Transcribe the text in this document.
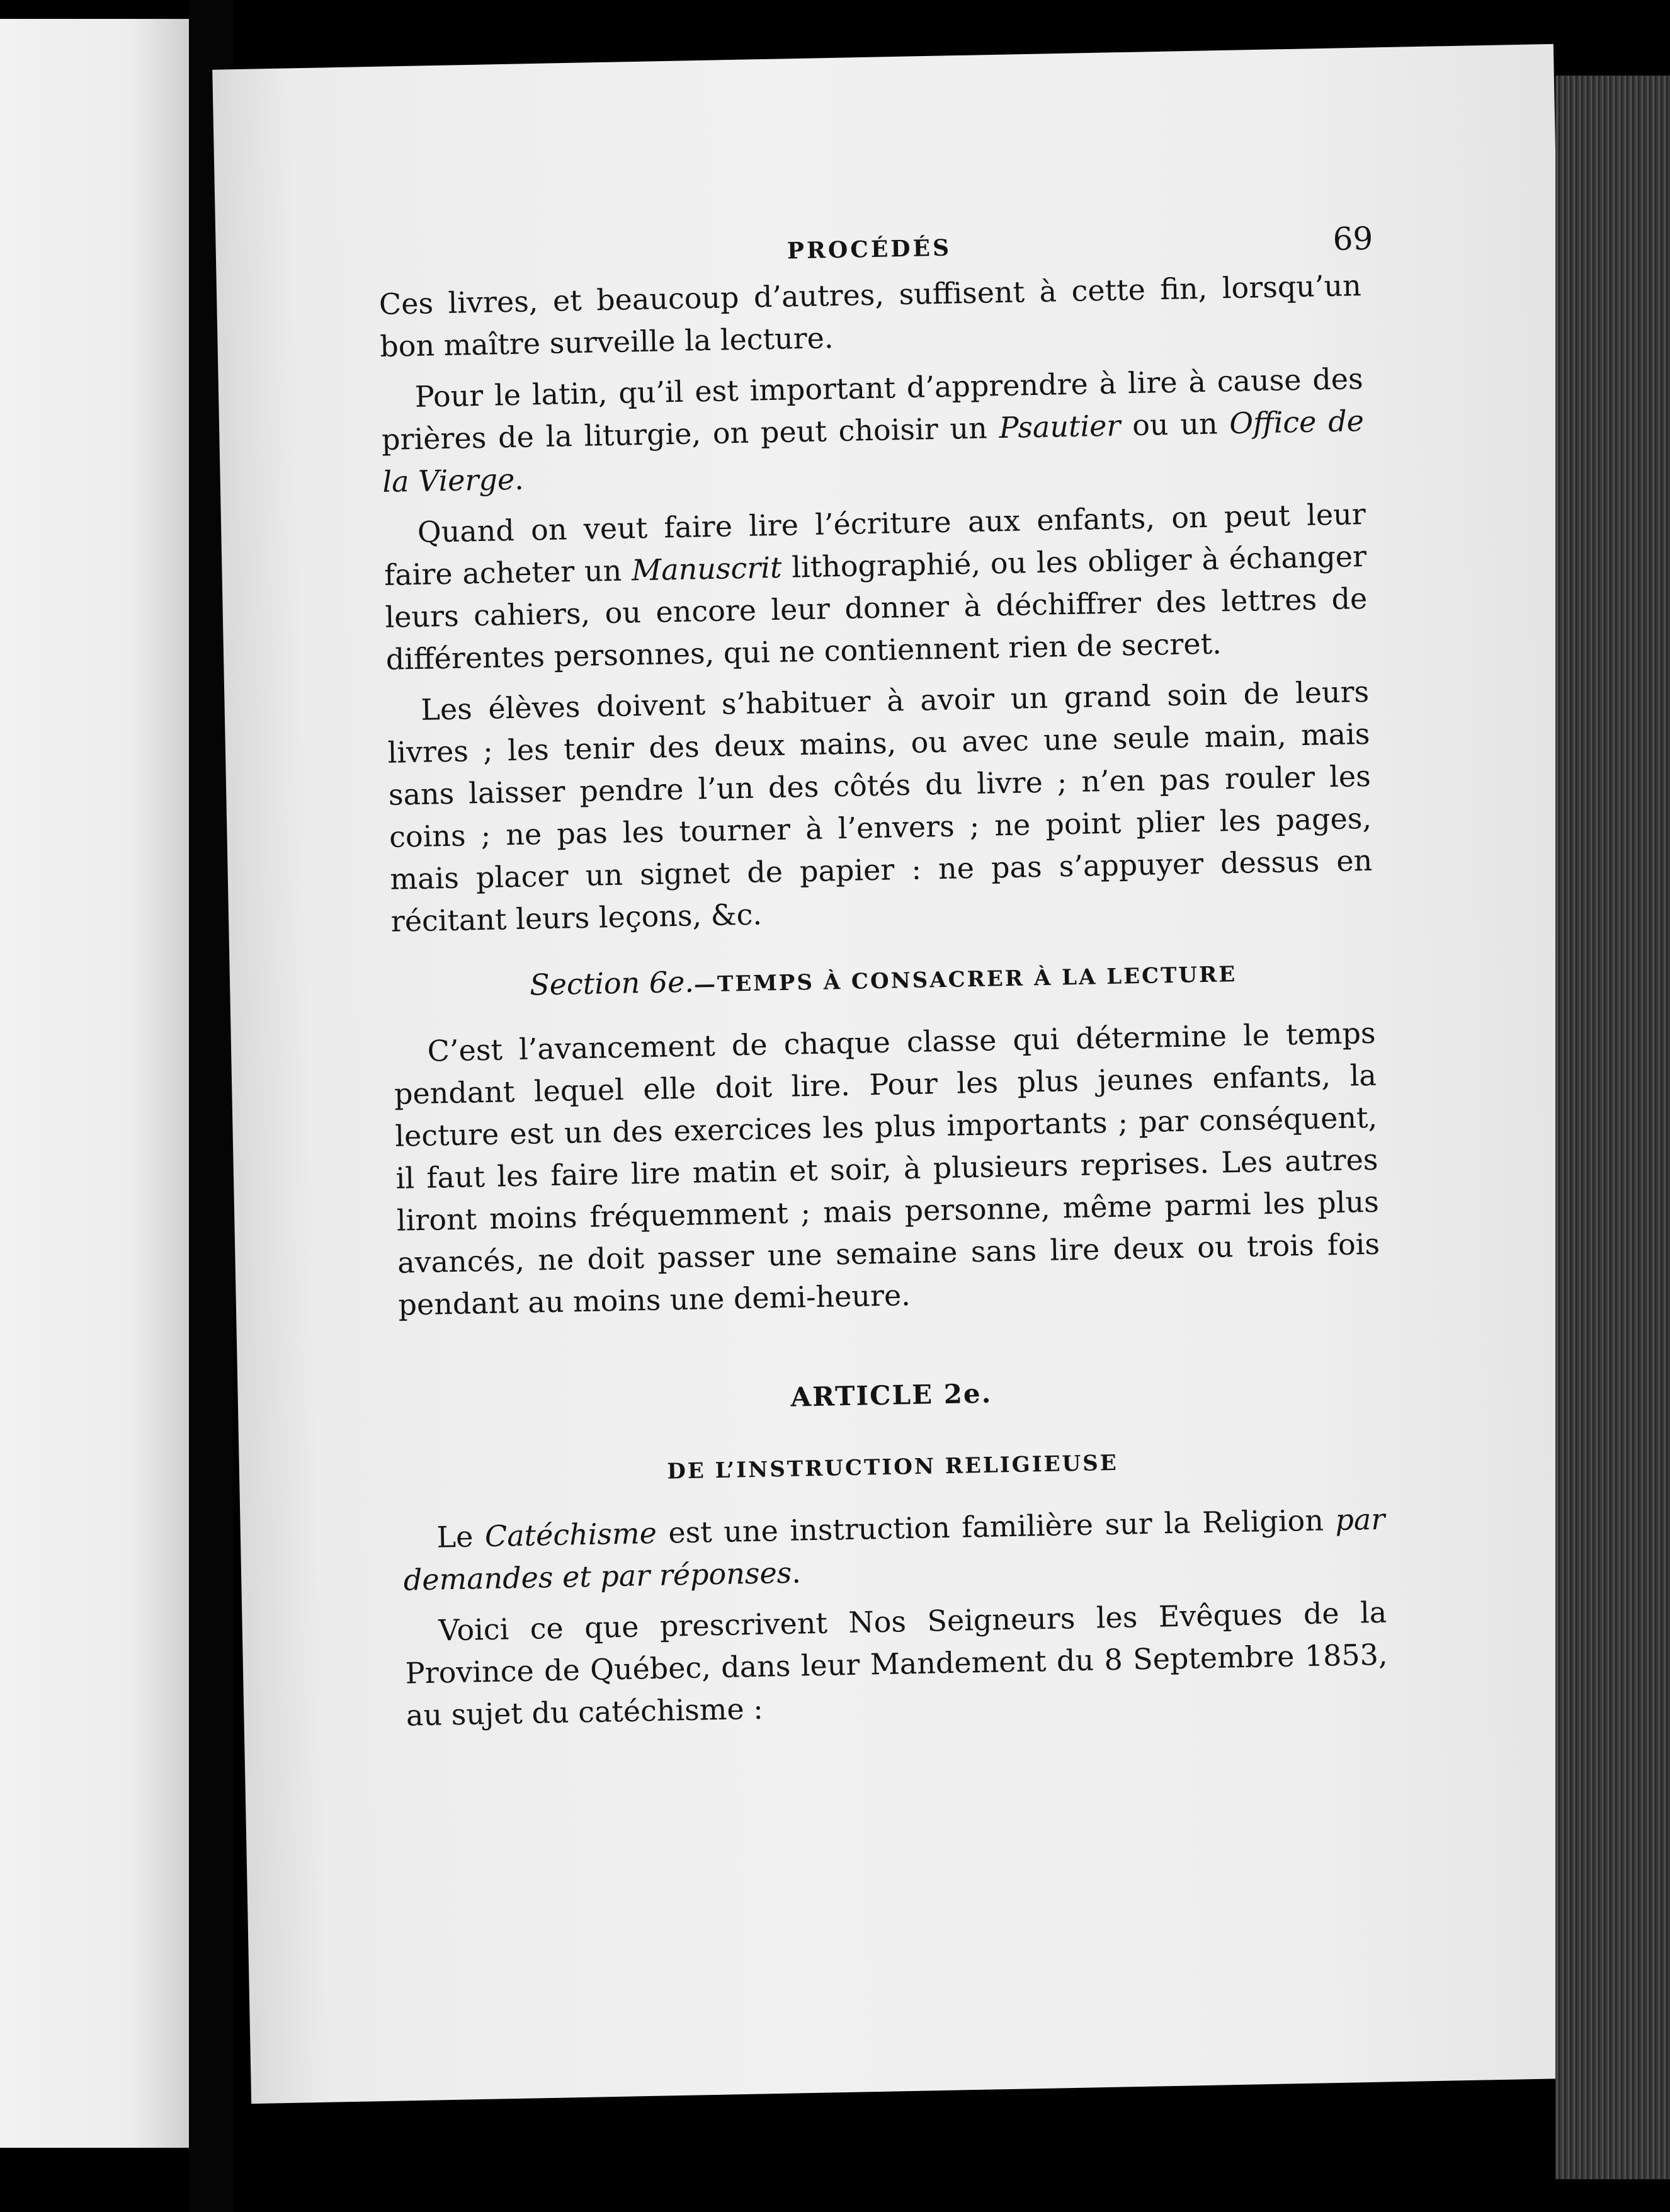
PROCÉDÉS	69

Ces livres, et beaucoup d’autres, suffisent à cette fin, lorsqu’un bon maître surveille la lecture.

Pour le latin, qu’il est important d’apprendre à lire à cause des prières de la liturgie, on peut choisir un Psautier ou un Office de la Vierge.

Quand on veut faire lire l’écriture aux enfants, on peut leur faire acheter un Manuscrit lithographié, ou les obliger à échanger leurs cahiers, ou encore leur donner à déchiffrer des lettres de différentes personnes, qui ne contiennent rien de secret.

Les élèves doivent s’habituer à avoir un grand soin de leurs livres ; les tenir des deux mains, ou avec une seule main, mais sans laisser pendre l’un des côtés du livre ; n’en pas rouler les coins ; ne pas les tourner à l’envers ; ne point plier les pages, mais placer un signet de papier : ne pas s’appuyer dessus en récitant leurs leçons, &c.

Section 6e.—TEMPS À CONSACRER À LA LECTURE

C’est l’avancement de chaque classe qui détermine le temps pendant lequel elle doit lire. Pour les plus jeunes enfants, la lecture est un des exercices les plus importants ; par conséquent, il faut les faire lire matin et soir, à plusieurs reprises. Les autres liront moins fréquemment ; mais personne, même parmi les plus avancés, ne doit passer une semaine sans lire deux ou trois fois pendant au moins une demi-heure.

ARTICLE 2e.
DE L’INSTRUCTION RELIGIEUSE

Le Catéchisme est une instruction familière sur la Religion par demandes et par réponses.

Voici ce que prescrivent Nos Seigneurs les Evêques de la Province de Québec, dans leur Mandement du 8 Septembre 1853, au sujet du catéchisme :
